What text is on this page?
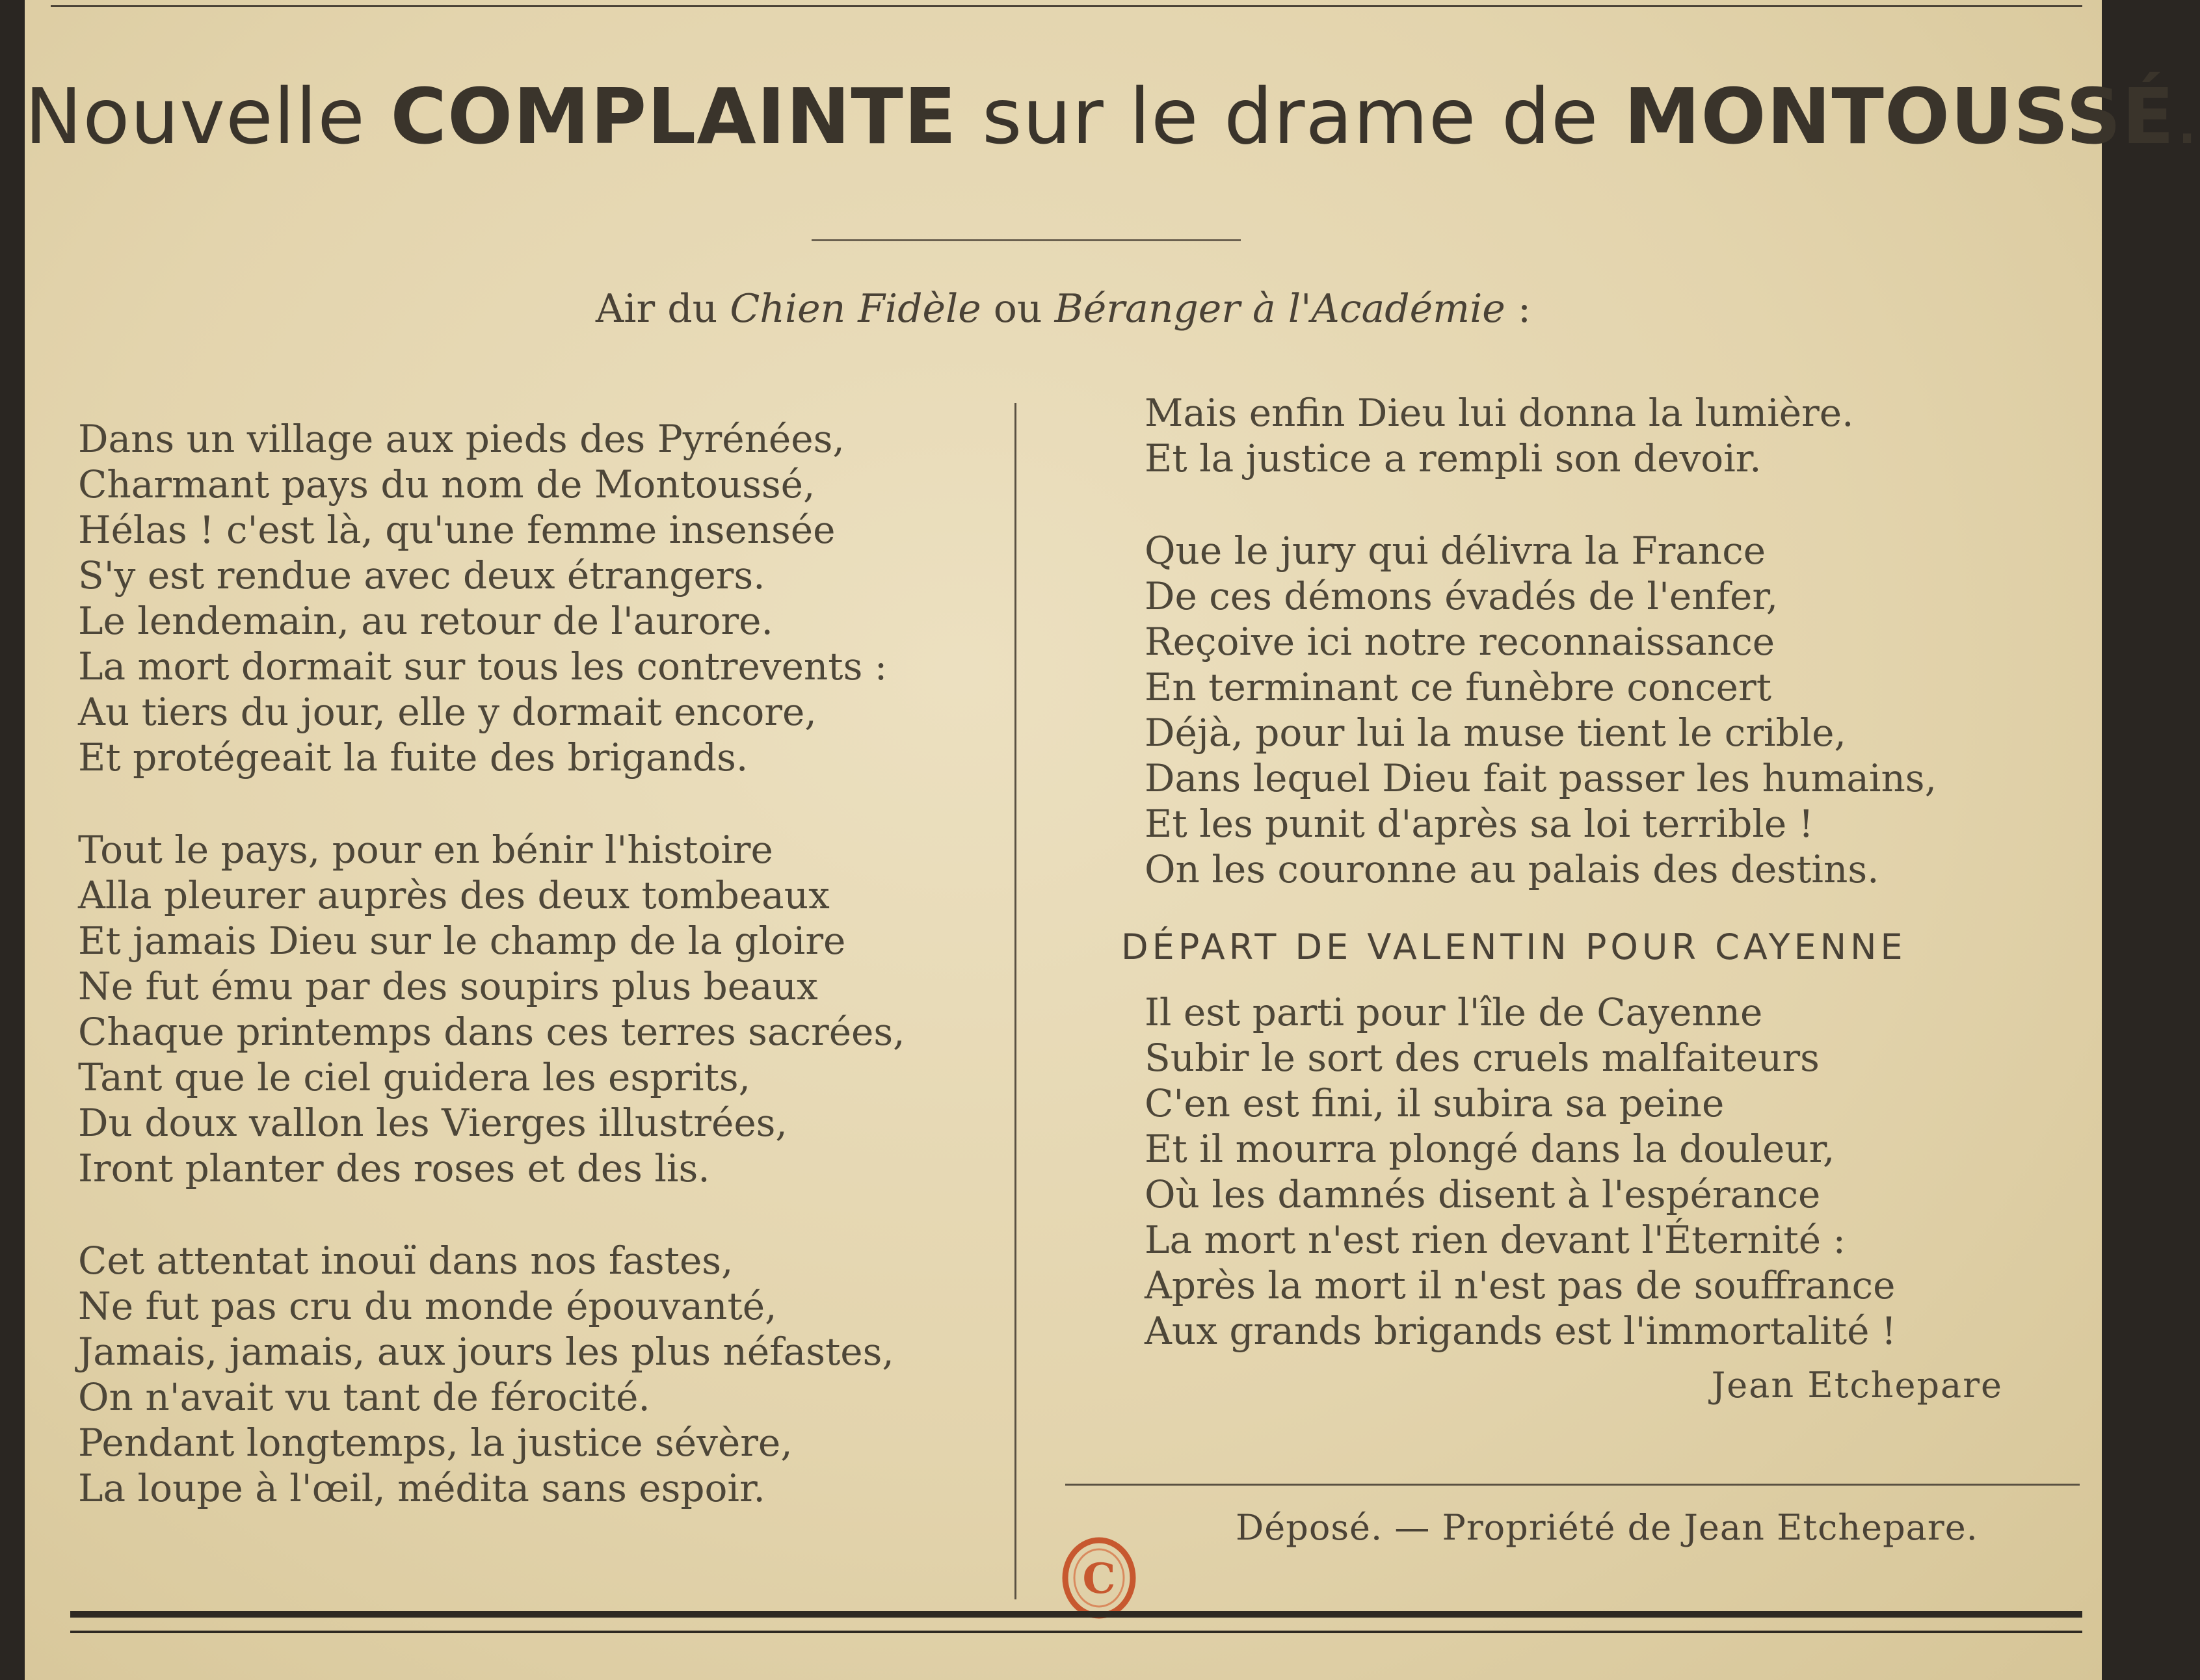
Nouvelle COMPLAINTE sur le drame de MONTOUSSÉ.
Air du Chien Fidèle ou Béranger à l'Académie :
Dans un village aux pieds des Pyrénées,
Charmant pays du nom de Montoussé,
Hélas ! c'est là, qu'une femme insensée
S'y est rendue avec deux étrangers.
Le lendemain, au retour de l'aurore.
La mort dormait sur tous les contrevents :
Au tiers du jour, elle y dormait encore,
Et protégeait la fuite des brigands.
Tout le pays, pour en bénir l'histoire
Alla pleurer auprès des deux tombeaux
Et jamais Dieu sur le champ de la gloire
Ne fut ému par des soupirs plus beaux
Chaque printemps dans ces terres sacrées,
Tant que le ciel guidera les esprits,
Du doux vallon les Vierges illustrées,
Iront planter des roses et des lis.
Cet attentat inouï dans nos fastes,
Ne fut pas cru du monde épouvanté,
Jamais, jamais, aux jours les plus néfastes,
On n'avait vu tant de férocité.
Pendant longtemps, la justice sévère,
La loupe à l'œil, médita sans espoir.
Mais enfin Dieu lui donna la lumière.
Et la justice a rempli son devoir.
Que le jury qui délivra la France
De ces démons évadés de l'enfer,
Reçoive ici notre reconnaissance
En terminant ce funèbre concert
Déjà, pour lui la muse tient le crible,
Dans lequel Dieu fait passer les humains,
Et les punit d'après sa loi terrible !
On les couronne au palais des destins.
DÉPART DE VALENTIN POUR CAYENNE
Il est parti pour l'île de Cayenne
Subir le sort des cruels malfaiteurs
C'en est fini, il subira sa peine
Et il mourra plongé dans la douleur,
Où les damnés disent à l'espérance
La mort n'est rien devant l'Éternité :
Après la mort il n'est pas de souffrance
Aux grands brigands est l'immortalité !
Jean Etchepare
C
Déposé. — Propriété de Jean Etchepare.
